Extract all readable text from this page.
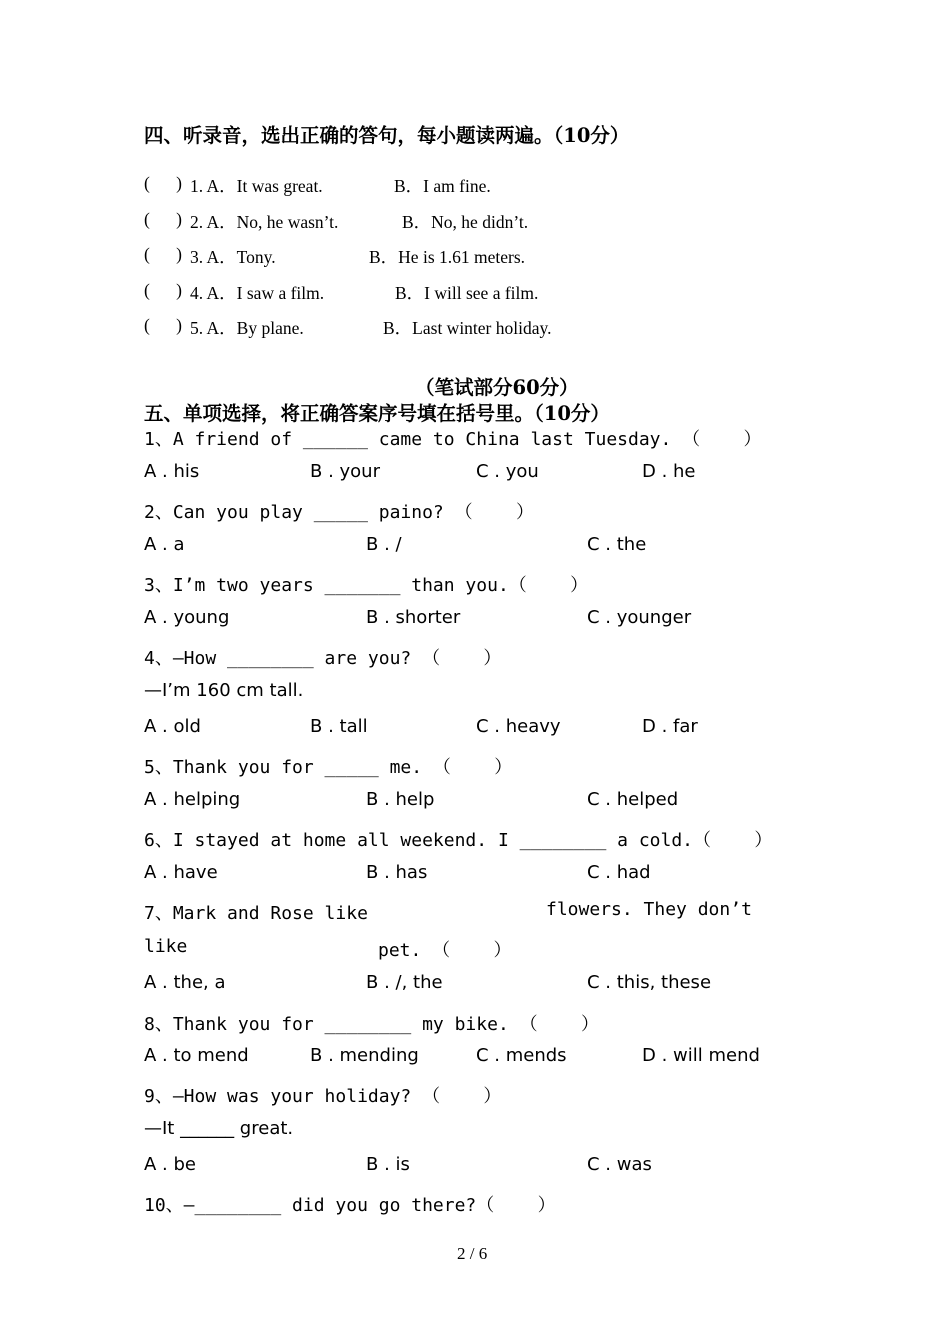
四、听录音，选出正确的答句，每小题读两遍。（10分）
(      ) 1. A．It was great.	B．I am fine.
(      ) 2. A．No, he wasn’t.	B．No, he didn’t.
(      ) 3. A．Tony.	B．He is 1.61 meters.
(      ) 4. A．I saw a film.	B．I will see a film.
(      ) 5. A．By plane.	B．Last winter holiday.
（笔试部分60分）
五、单项选择，将正确答案序号填在括号里。（10分）
1、A friend of ______ came to China last Tuesday. （    ）
A . his	B . your	C . you	D . he
2、Can you play _____ paino? （    ）
A . a	B . /	C . the
3、I’m two years _______ than you.（    ）
A . young	B . shorter	C . younger
4、—How ________ are you? （    ）
—I’m 160 cm tall.
A . old	B . tall	C . heavy	D . far
5、Thank you for _____ me. （    ）
A . helping	B . help	C . helped
6、I stayed at home all weekend. I ________ a cold.（    ）
A . have	B . has	C . had
7、Mark and Rose like	flowers. They don’t
like	pet. （    ）
A . the, a	B . /, the	C . this, these
8、Thank you for ________ my bike. （    ）
A . to mend	B . mending	C . mends	D . will mend
9、—How was your holiday? （    ）
—It ______ great.
A . be	B . is	C . was
10、—________ did you go there?（    ）
2 / 6
